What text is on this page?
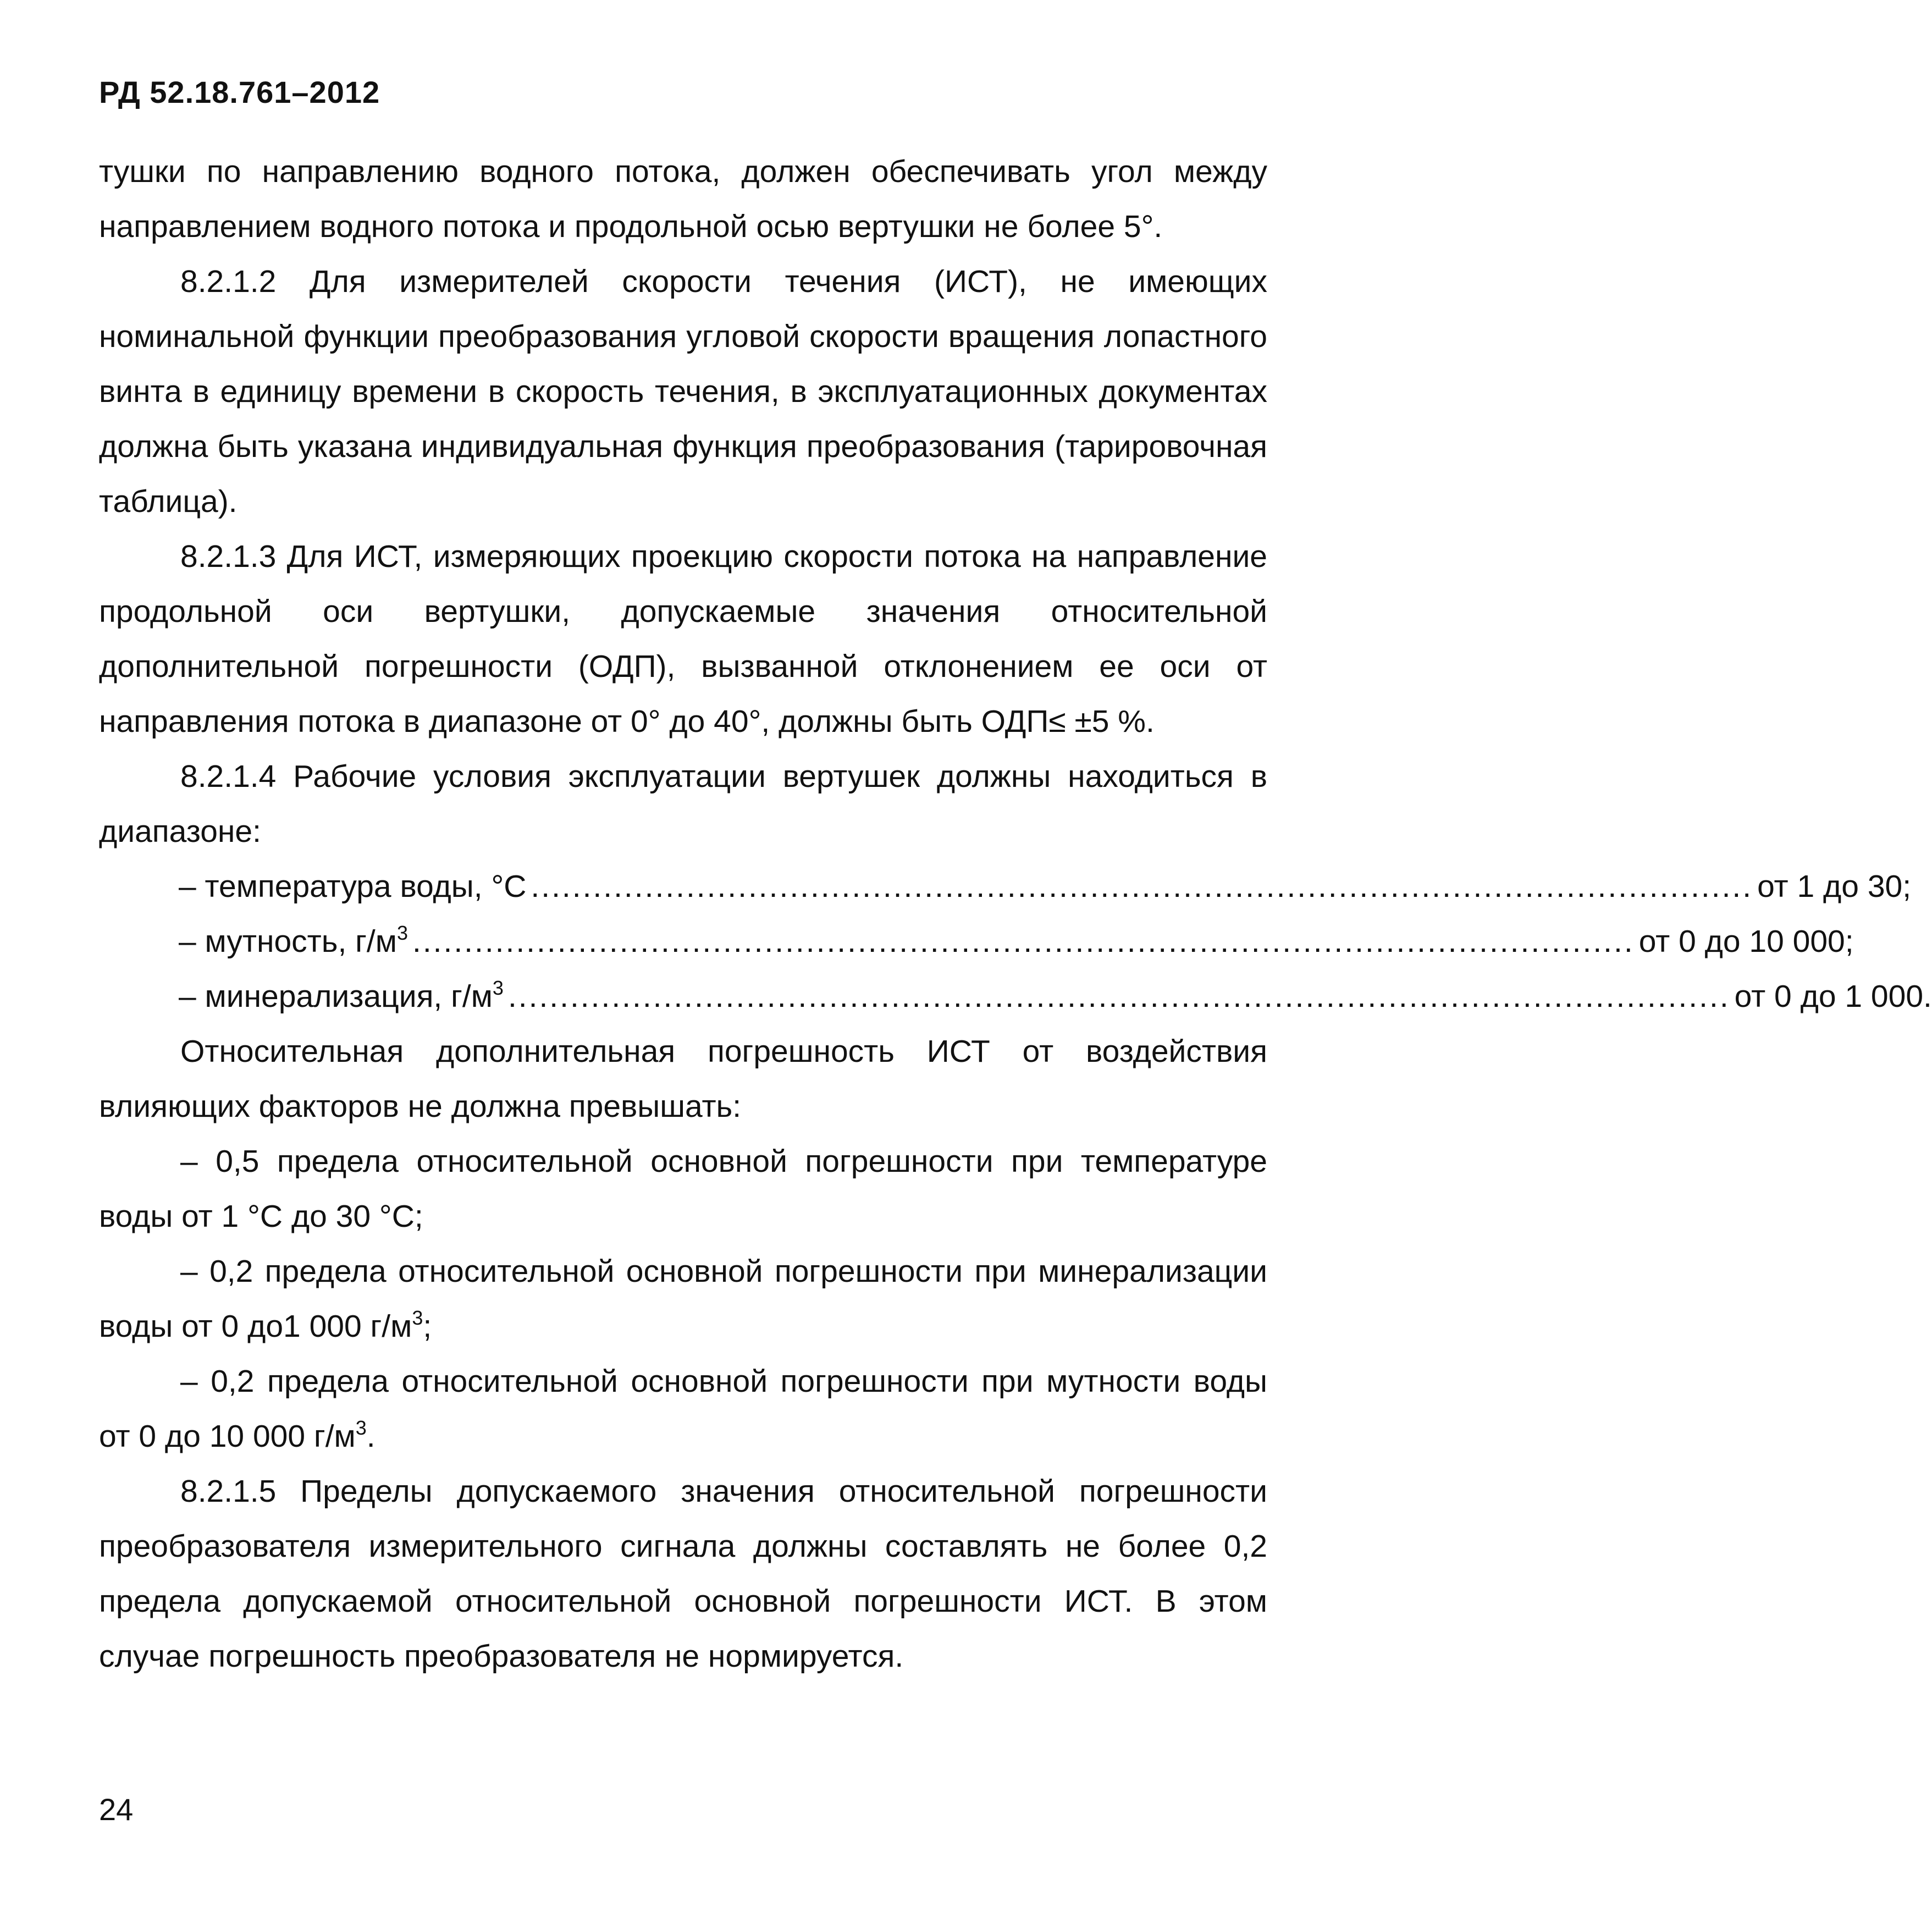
РД 52.18.761–2012

тушки по направлению водного потока, должен обеспечивать угол между направлением водного потока и продольной осью вертушки не более 5°.

8.2.1.2 Для измерителей скорости течения (ИСТ), не имеющих номинальной функции преобразования угловой скорости вращения лопастного винта в единицу времени в скорость течения, в эксплуатационных документах должна быть указана индивидуальная функция преобразования (тарировочная таблица).

8.2.1.3 Для ИСТ, измеряющих проекцию скорости потока на направление продольной оси вертушки, допускаемые значения относительной дополнительной погрешности (ОДП), вызванной отклонением ее оси от направления потока в диапазоне от 0° до 40°, должны быть ОДП≤ ±5 %.

8.2.1.4 Рабочие условия эксплуатации вертушек должны находиться в диапазоне:

– температура воды, °С ...................................................................................................................... от 1 до 30;
– мутность, $г/м^3$ ...................................................................................................................... от 0 до 10 000;
– минерализация, $г/м^3$ ...................................................................................................................... от 0 до 1 000.

Относительная дополнительная погрешность ИСТ от воздействия влияющих факторов не должна превышать:

– 0,5 предела относительной основной погрешности при температуре воды от 1 °С до 30 °С;

– 0,2 предела относительной основной погрешности при минерализации воды от 0 до1 000 $г/м^3$;

– 0,2 предела относительной основной погрешности при мутности воды от 0 до 10 000 $г/м^3$.

8.2.1.5 Пределы допускаемого значения относительной погрешности преобразователя измерительного сигнала должны составлять не более 0,2 предела допускаемой относительной основной погрешности ИСТ. В этом случае погрешность преобразователя не нормируется.

24
